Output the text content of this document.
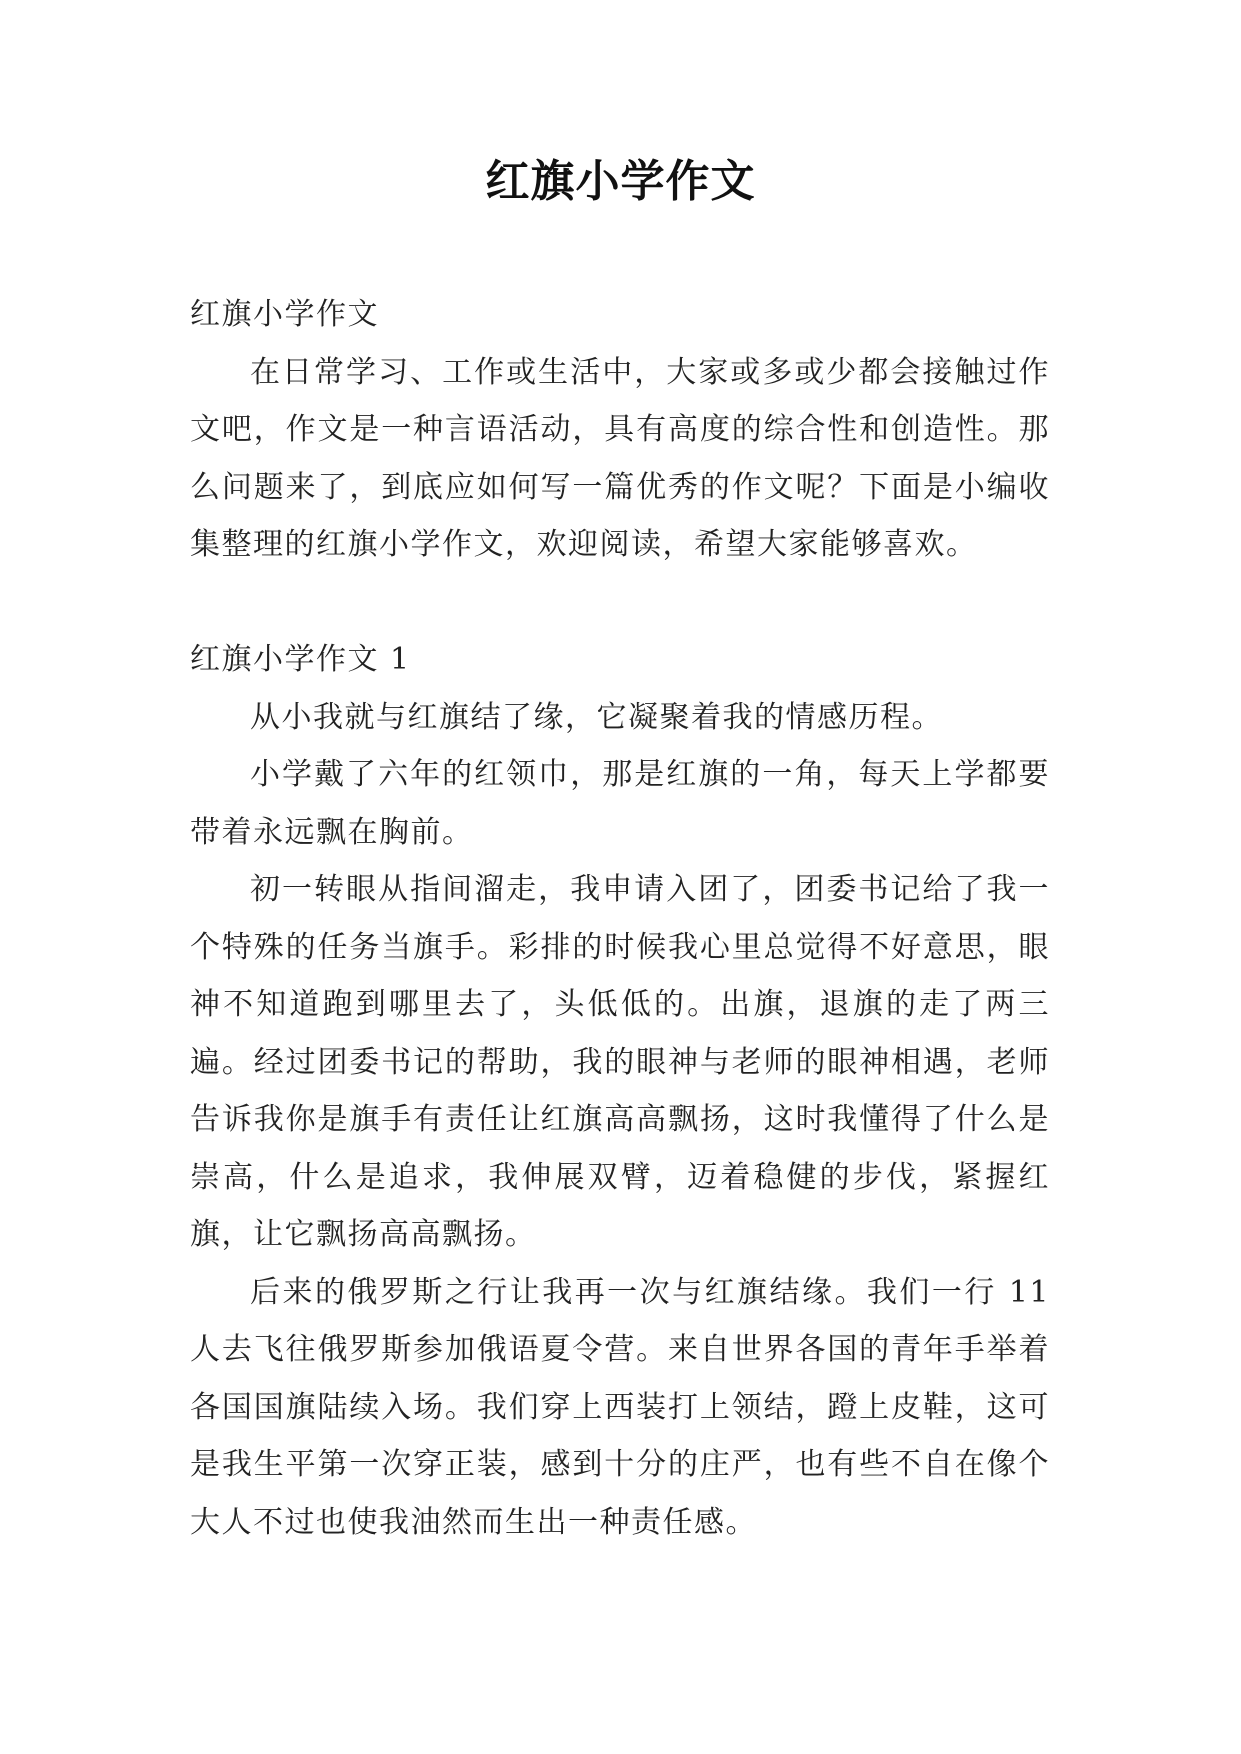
红旗小学作文

红旗小学作文

在日常学习、工作或生活中，大家或多或少都会接触过作文吧，作文是一种言语活动，具有高度的综合性和创造性。那么问题来了，到底应如何写一篇优秀的作文呢？下面是小编收集整理的红旗小学作文，欢迎阅读，希望大家能够喜欢。

红旗小学作文 1

从小我就与红旗结了缘，它凝聚着我的情感历程。

小学戴了六年的红领巾，那是红旗的一角，每天上学都要带着永远飘在胸前。

初一转眼从指间溜走，我申请入团了，团委书记给了我一个特殊的任务当旗手。彩排的时候我心里总觉得不好意思，眼神不知道跑到哪里去了，头低低的。出旗，退旗的走了两三遍。经过团委书记的帮助，我的眼神与老师的眼神相遇，老师告诉我你是旗手有责任让红旗高高飘扬，这时我懂得了什么是崇高，什么是追求，我伸展双臂，迈着稳健的步伐，紧握红旗，让它飘扬高高飘扬。

后来的俄罗斯之行让我再一次与红旗结缘。我们一行 11 人去飞往俄罗斯参加俄语夏令营。来自世界各国的青年手举着各国国旗陆续入场。我们穿上西装打上领结，蹬上皮鞋，这可是我生平第一次穿正装，感到十分的庄严，也有些不自在像个大人不过也使我油然而生出一种责任感。
